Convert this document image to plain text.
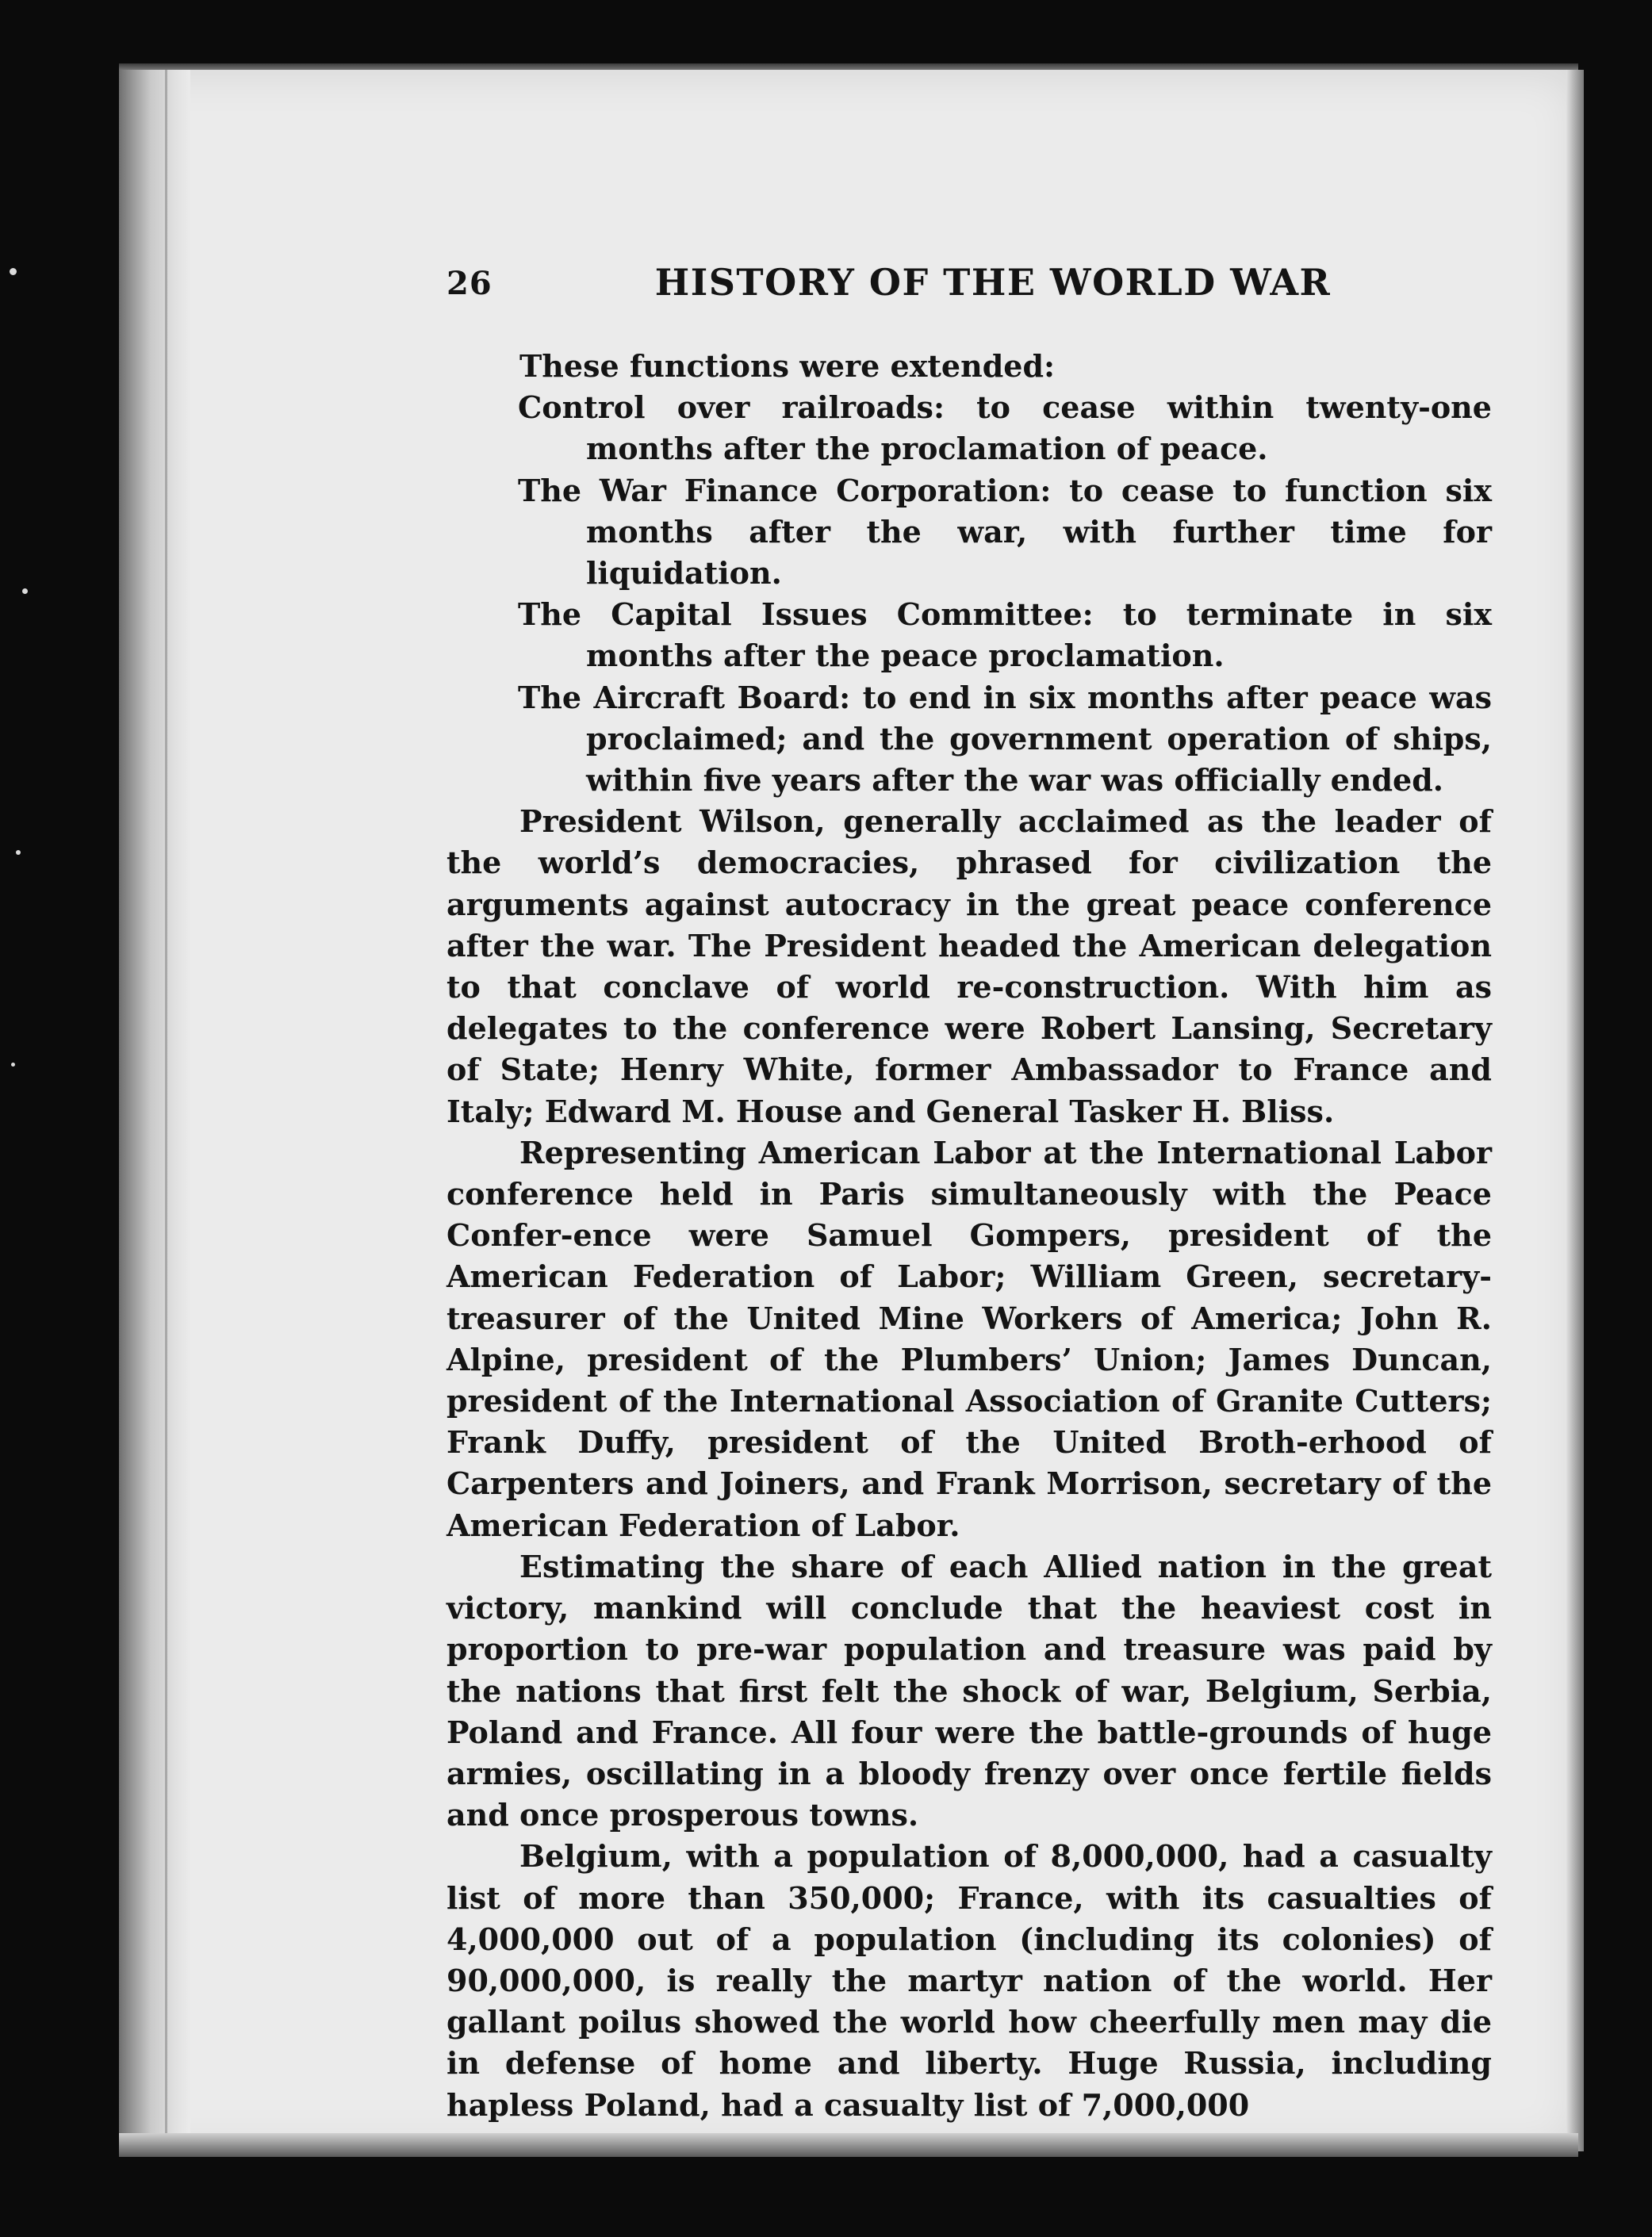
26	HISTORY OF THE WORLD WAR

These functions were extended:

Control over railroads: to cease within twenty-one months after the proclamation of peace.

The War Finance Corporation: to cease to function six months after the war, with further time for liquidation.

The Capital Issues Committee: to terminate in six months after the peace proclamation.

The Aircraft Board: to end in six months after peace was proclaimed; and the government operation of ships, within five years after the war was officially ended.

President Wilson, generally acclaimed as the leader of the world’s democracies, phrased for civilization the arguments against autocracy in the great peace conference after the war. The President headed the American delegation to that conclave of world re-construction. With him as delegates to the conference were Robert Lansing, Secretary of State; Henry White, former Ambassador to France and Italy; Edward M. House and General Tasker H. Bliss.

Representing American Labor at the International Labor conference held in Paris simultaneously with the Peace Confer-ence were Samuel Gompers, president of the American Federation of Labor; William Green, secretary-treasurer of the United Mine Workers of America; John R. Alpine, president of the Plumbers’ Union; James Duncan, president of the International Association of Granite Cutters; Frank Duffy, president of the United Broth-erhood of Carpenters and Joiners, and Frank Morrison, secretary of the American Federation of Labor.

Estimating the share of each Allied nation in the great victory, mankind will conclude that the heaviest cost in proportion to pre-war population and treasure was paid by the nations that first felt the shock of war, Belgium, Serbia, Poland and France. All four were the battle-grounds of huge armies, oscillating in a bloody frenzy over once fertile fields and once prosperous towns.

Belgium, with a population of 8,000,000, had a casualty list of more than 350,000; France, with its casualties of 4,000,000 out of a population (including its colonies) of 90,000,000, is really the martyr nation of the world. Her gallant poilus showed the world how cheerfully men may die in defense of home and liberty. Huge Russia, including hapless Poland, had a casualty list of 7,000,000
